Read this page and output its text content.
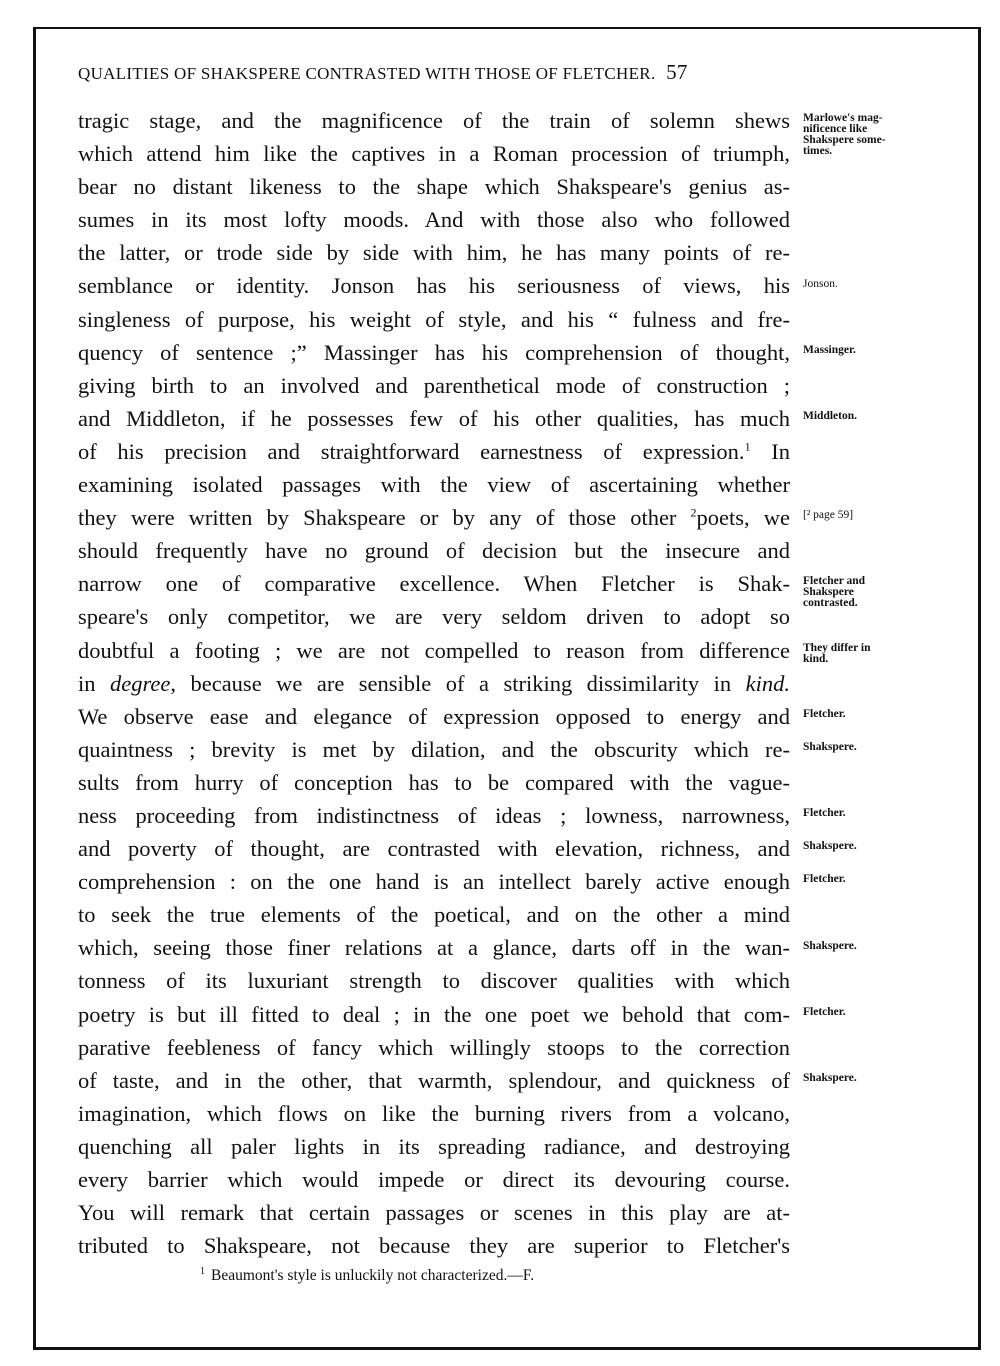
QUALITIES OF SHAKSPERE CONTRASTED WITH THOSE OF FLETCHER. 57
tragic stage, and the magnificence of the train of solemn shews
which attend him like the captives in a Roman procession of triumph,
bear no distant likeness to the shape which Shakspeare's genius as-
sumes in its most lofty moods. And with those also who followed
the latter, or trode side by side with him, he has many points of re-
semblance or identity. Jonson has his seriousness of views, his
singleness of purpose, his weight of style, and his “ fulness and fre-
quency of sentence ;” Massinger has his comprehension of thought,
giving birth to an involved and parenthetical mode of construction ;
and Middleton, if he possesses few of his other qualities, has much
of his precision and straightforward earnestness of expression.$^1$ In
examining isolated passages with the view of ascertaining whether
they were written by Shakspeare or by any of those other $^2$poets, we
should frequently have no ground of decision but the insecure and
narrow one of comparative excellence. When Fletcher is Shak-
speare's only competitor, we are very seldom driven to adopt so
doubtful a footing ; we are not compelled to reason from difference
in degree, because we are sensible of a striking dissimilarity in kind.
We observe ease and elegance of expression opposed to energy and
quaintness ; brevity is met by dilation, and the obscurity which re-
sults from hurry of conception has to be compared with the vague-
ness proceeding from indistinctness of ideas ; lowness, narrowness,
and poverty of thought, are contrasted with elevation, richness, and
comprehension : on the one hand is an intellect barely active enough
to seek the true elements of the poetical, and on the other a mind
which, seeing those finer relations at a glance, darts off in the wan-
tonness of its luxuriant strength to discover qualities with which
poetry is but ill fitted to deal ; in the one poet we behold that com-
parative feebleness of fancy which willingly stoops to the correction
of taste, and in the other, that warmth, splendour, and quickness of
imagination, which flows on like the burning rivers from a volcano,
quenching all paler lights in its spreading radiance, and destroying
every barrier which would impede or direct its devouring course.
You will remark that certain passages or scenes in this play are at-
tributed to Shakspeare, not because they are superior to Fletcher's
Marlowe's mag-
nificence like
Shakspere some-
times.
Jonson.
Massinger.
Middleton.
[² page 59]
Fletcher and
Shakspere
contrasted.
They differ in
kind.
Fletcher.
Shakspere.
Fletcher.
Shakspere.
Fletcher.
Shakspere.
Fletcher.
Shakspere.
$^1$ Beaumont's style is unluckily not characterized.—F.
